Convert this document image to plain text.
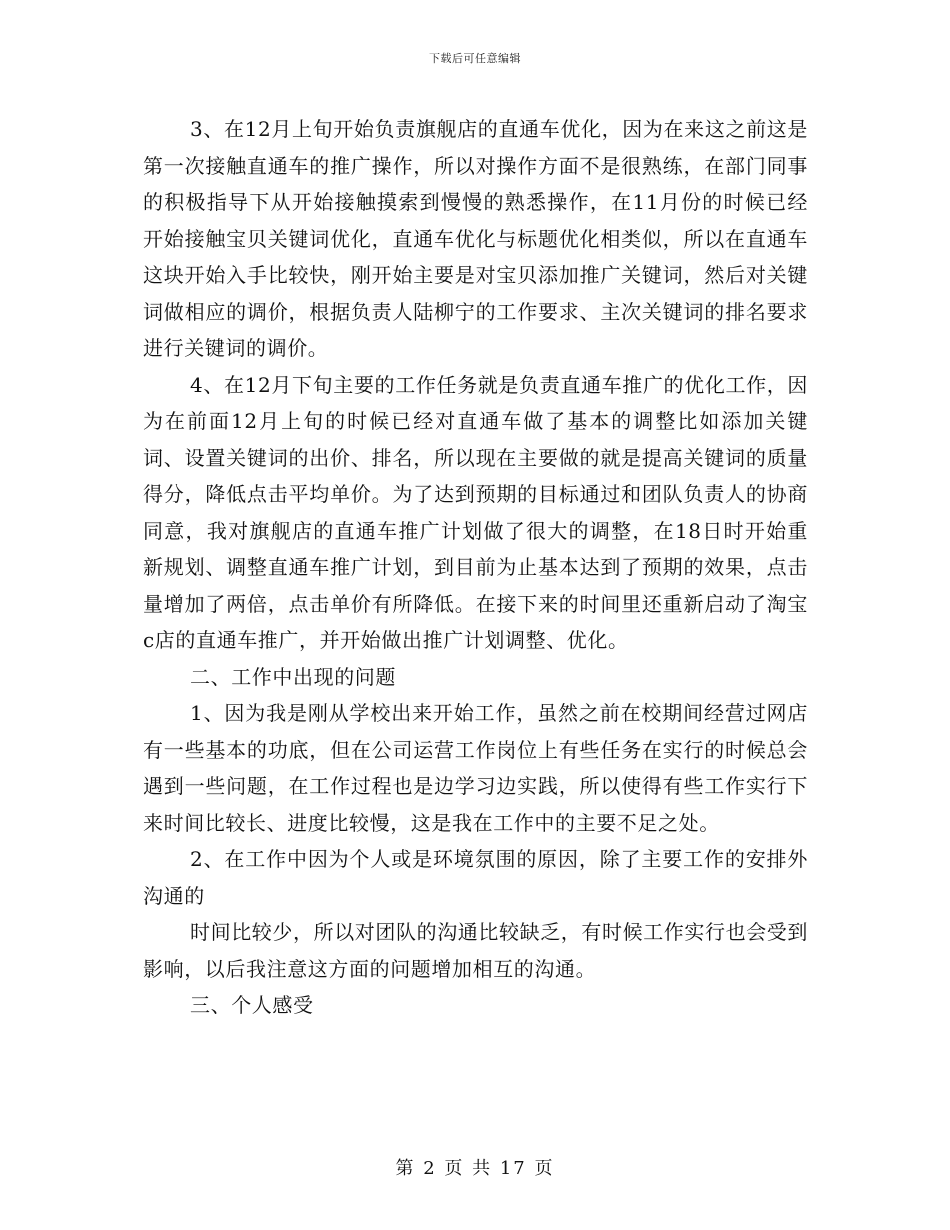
下载后可任意编辑

3、在12月上旬开始负责旗舰店的直通车优化，因为在来这之前这是第一次接触直通车的推广操作，所以对操作方面不是很熟练，在部门同事的积极指导下从开始接触摸索到慢慢的熟悉操作，在11月份的时候已经开始接触宝贝关键词优化，直通车优化与标题优化相类似，所以在直通车这块开始入手比较快，刚开始主要是对宝贝添加推广关键词，然后对关键词做相应的调价，根据负责人陆柳宁的工作要求、主次关键词的排名要求进行关键词的调价。

4、在12月下旬主要的工作任务就是负责直通车推广的优化工作，因为在前面12月上旬的时候已经对直通车做了基本的调整比如添加关键词、设置关键词的出价、排名，所以现在主要做的就是提高关键词的质量得分，降低点击平均单价。为了达到预期的目标通过和团队负责人的协商同意，我对旗舰店的直通车推广计划做了很大的调整，在18日时开始重新规划、调整直通车推广计划，到目前为止基本达到了预期的效果，点击量增加了两倍，点击单价有所降低。在接下来的时间里还重新启动了淘宝c店的直通车推广，并开始做出推广计划调整、优化。

二、工作中出现的问题

1、因为我是刚从学校出来开始工作，虽然之前在校期间经营过网店有一些基本的功底，但在公司运营工作岗位上有些任务在实行的时候总会遇到一些问题，在工作过程也是边学习边实践，所以使得有些工作实行下来时间比较长、进度比较慢，这是我在工作中的主要不足之处。

2、在工作中因为个人或是环境氛围的原因，除了主要工作的安排外沟通的

时间比较少，所以对团队的沟通比较缺乏，有时候工作实行也会受到影响，以后我注意这方面的问题增加相互的沟通。

三、个人感受

第 2 页 共 17 页
